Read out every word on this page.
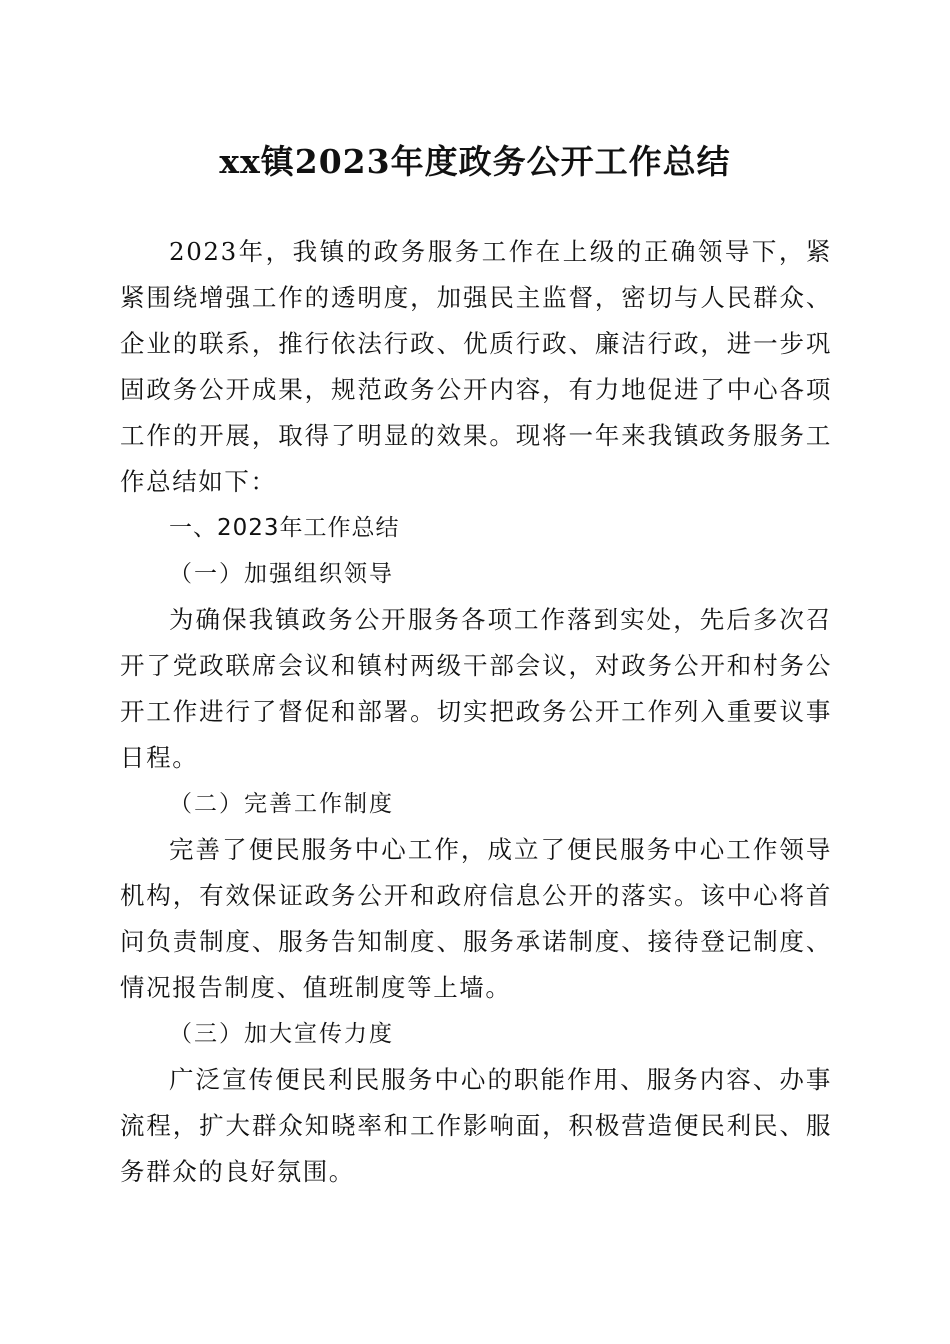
xx镇2023年度政务公开工作总结

2023年，我镇的政务服务工作在上级的正确领导下，紧紧围绕增强工作的透明度，加强民主监督，密切与人民群众、企业的联系，推行依法行政、优质行政、廉洁行政，进一步巩固政务公开成果，规范政务公开内容，有力地促进了中心各项工作的开展，取得了明显的效果。现将一年来我镇政务服务工作总结如下：

一、2023年工作总结

（一）加强组织领导

为确保我镇政务公开服务各项工作落到实处，先后多次召开了党政联席会议和镇村两级干部会议，对政务公开和村务公开工作进行了督促和部署。切实把政务公开工作列入重要议事日程。

（二）完善工作制度

完善了便民服务中心工作，成立了便民服务中心工作领导机构，有效保证政务公开和政府信息公开的落实。该中心将首问负责制度、服务告知制度、服务承诺制度、接待登记制度、情况报告制度、值班制度等上墙。

（三）加大宣传力度

广泛宣传便民利民服务中心的职能作用、服务内容、办事流程，扩大群众知晓率和工作影响面，积极营造便民利民、服务群众的良好氛围。
